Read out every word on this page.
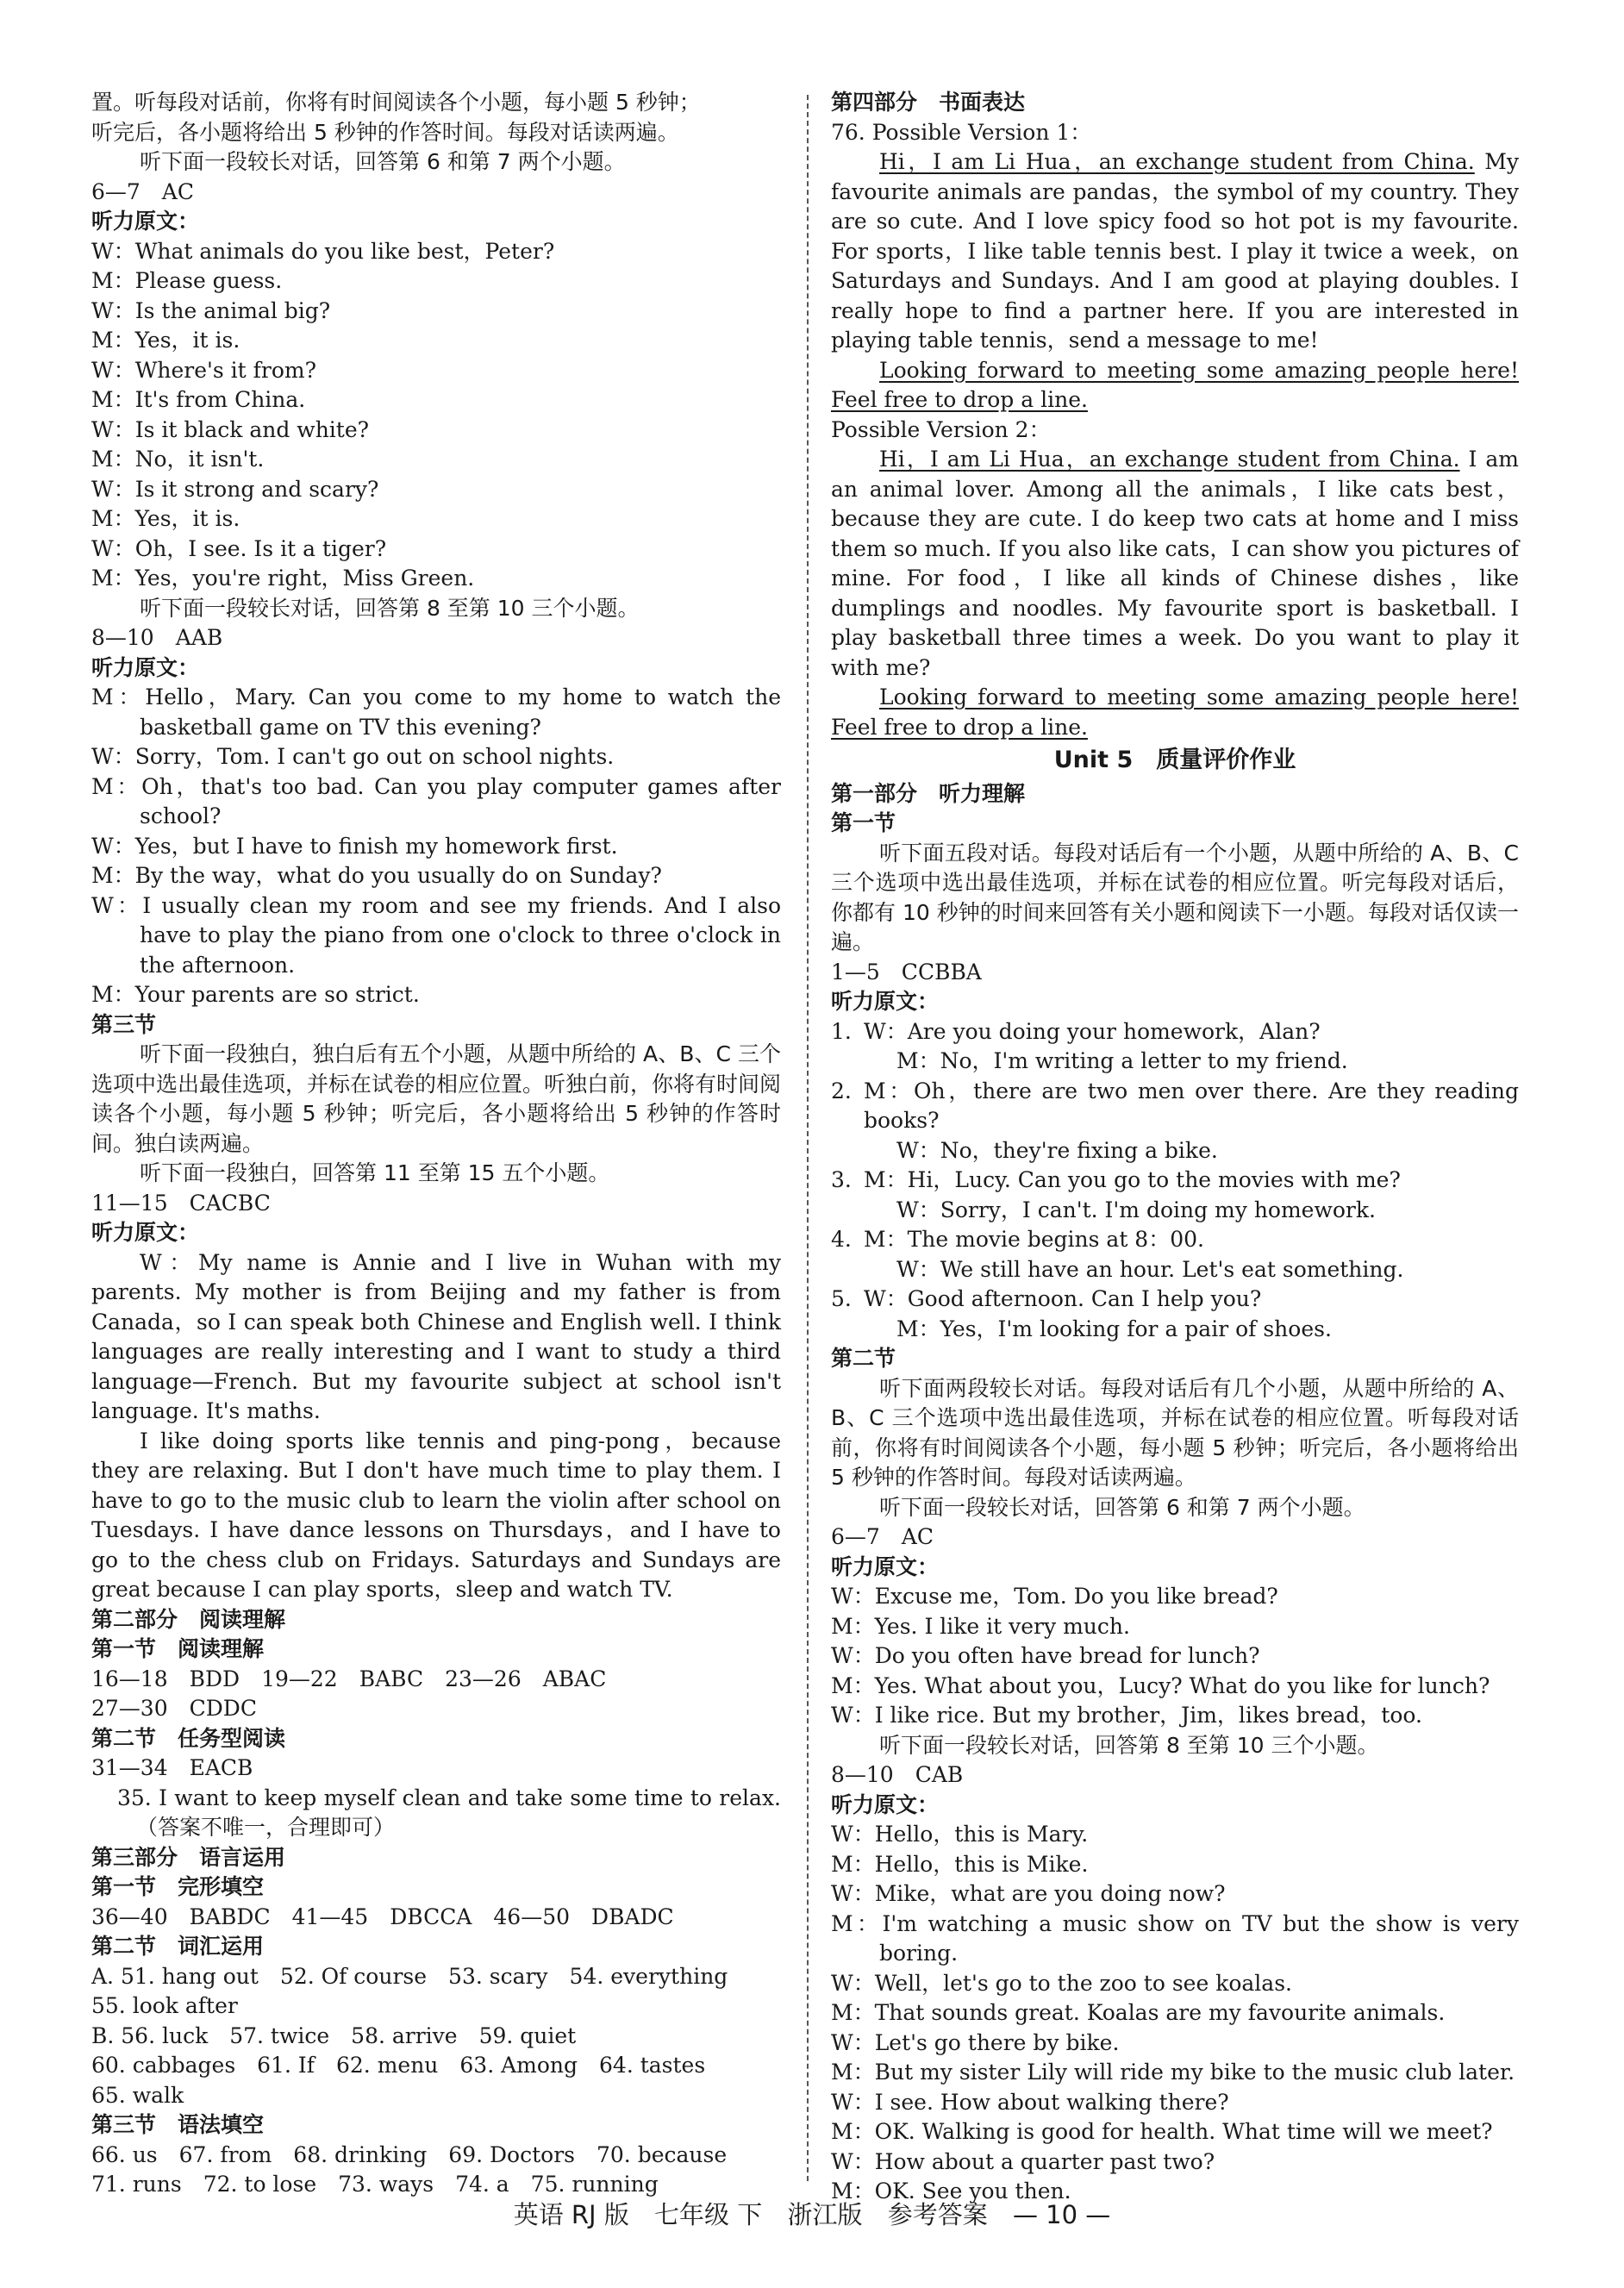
置。听每段对话前，你将有时间阅读各个小题，每小题 5 秒钟；
听完后，各小题将给出 5 秒钟的作答时间。每段对话读两遍。
听下面一段较长对话，回答第 6 和第 7 两个小题。
6—7　AC
听力原文：
W：What animals do you like best，Peter?
M：Please guess.
W：Is the animal big?
M：Yes，it is.
W：Where's it from?
M：It's from China.
W：Is it black and white?
M：No，it isn't.
W：Is it strong and scary?
M：Yes，it is.
W：Oh，I see. Is it a tiger?
M：Yes，you're right，Miss Green.
听下面一段较长对话，回答第 8 至第 10 三个小题。
8—10　AAB
听力原文：
M：Hello，Mary. Can you come to my home to watch the basketball game on TV this evening?
W：Sorry，Tom. I can't go out on school nights.
M：Oh，that's too bad. Can you play computer games after school?
W：Yes，but I have to finish my homework first.
M：By the way，what do you usually do on Sunday?
W：I usually clean my room and see my friends. And I also have to play the piano from one o'clock to three o'clock in the afternoon.
M：Your parents are so strict.
第三节
听下面一段独白，独白后有五个小题，从题中所给的 A、B、C 三个选项中选出最佳选项，并标在试卷的相应位置。听独白前，你将有时间阅读各个小题，每小题 5 秒钟；听完后，各小题将给出 5 秒钟的作答时间。独白读两遍。
听下面一段独白，回答第 11 至第 15 五个小题。
11—15　CACBC
听力原文：
W：My name is Annie and I live in Wuhan with my parents. My mother is from Beijing and my father is from Canada，so I can speak both Chinese and English well. I think languages are really interesting and I want to study a third language—French. But my favourite subject at school isn't language. It's maths.
I like doing sports like tennis and ping-pong，because they are relaxing. But I don't have much time to play them. I have to go to the music club to learn the violin after school on Tuesdays. I have dance lessons on Thursdays，and I have to go to the chess club on Fridays. Saturdays and Sundays are great because I can play sports，sleep and watch TV.
第二部分　阅读理解
第一节　阅读理解
16—18　BDD　19—22　BABC　23—26　ABAC
27—30　CDDC
第二节　任务型阅读
31—34　EACB
35. I want to keep myself clean and take some time to relax.（答案不唯一，合理即可）
第三部分　语言运用
第一节　完形填空
36—40　BABDC　41—45　DBCCA　46—50　DBADC
第二节　词汇运用
A. 51. hang out　52. Of course　53. scary　54. everything
55. look after
B. 56. luck　57. twice　58. arrive　59. quiet
60. cabbages　61. If　62. menu　63. Among　64. tastes
65. walk
第三节　语法填空
66. us　67. from　68. drinking　69. Doctors　70. because
71. runs　72. to lose　73. ways　74. a　75. running
第四部分　书面表达
76. Possible Version 1：
Hi，I am Li Hua，an exchange student from China. My favourite animals are pandas，the symbol of my country. They are so cute. And I love spicy food so hot pot is my favourite. For sports，I like table tennis best. I play it twice a week，on Saturdays and Sundays. And I am good at playing doubles. I really hope to find a partner here. If you are interested in playing table tennis，send a message to me!
Looking forward to meeting some amazing people here! Feel free to drop a line.
Possible Version 2：
Hi，I am Li Hua，an exchange student from China. I am an animal lover. Among all the animals，I like cats best，because they are cute. I do keep two cats at home and I miss them so much. If you also like cats，I can show you pictures of mine. For food，I like all kinds of Chinese dishes，like dumplings and noodles. My favourite sport is basketball. I play basketball three times a week. Do you want to play it with me?
Looking forward to meeting some amazing people here! Feel free to drop a line.
Unit 5　质量评价作业
第一部分　听力理解
第一节
听下面五段对话。每段对话后有一个小题，从题中所给的 A、B、C 三个选项中选出最佳选项，并标在试卷的相应位置。听完每段对话后，你都有 10 秒钟的时间来回答有关小题和阅读下一小题。每段对话仅读一遍。
1—5　CCBBA
听力原文：
1. W：Are you doing your homework，Alan?
M：No，I'm writing a letter to my friend.
2. M：Oh，there are two men over there. Are they reading books?
W：No，they're fixing a bike.
3. M：Hi，Lucy. Can you go to the movies with me?
W：Sorry，I can't. I'm doing my homework.
4. M：The movie begins at 8：00.
W：We still have an hour. Let's eat something.
5. W：Good afternoon. Can I help you?
M：Yes，I'm looking for a pair of shoes.
第二节
听下面两段较长对话。每段对话后有几个小题，从题中所给的 A、B、C 三个选项中选出最佳选项，并标在试卷的相应位置。听每段对话前，你将有时间阅读各个小题，每小题 5 秒钟；听完后，各小题将给出 5 秒钟的作答时间。每段对话读两遍。
听下面一段较长对话，回答第 6 和第 7 两个小题。
6—7　AC
听力原文：
W：Excuse me，Tom. Do you like bread?
M：Yes. I like it very much.
W：Do you often have bread for lunch?
M：Yes. What about you，Lucy? What do you like for lunch?
W：I like rice. But my brother，Jim，likes bread，too.
听下面一段较长对话，回答第 8 至第 10 三个小题。
8—10　CAB
听力原文：
W：Hello，this is Mary.
M：Hello，this is Mike.
W：Mike，what are you doing now?
M：I'm watching a music show on TV but the show is very boring.
W：Well，let's go to the zoo to see koalas.
M：That sounds great. Koalas are my favourite animals.
W：Let's go there by bike.
M：But my sister Lily will ride my bike to the music club later.
W：I see. How about walking there?
M：OK. Walking is good for health. What time will we meet?
W：How about a quarter past two?
M：OK. See you then.
英语 RJ 版 七年级 下 浙江版 参考答案 — 10 —
